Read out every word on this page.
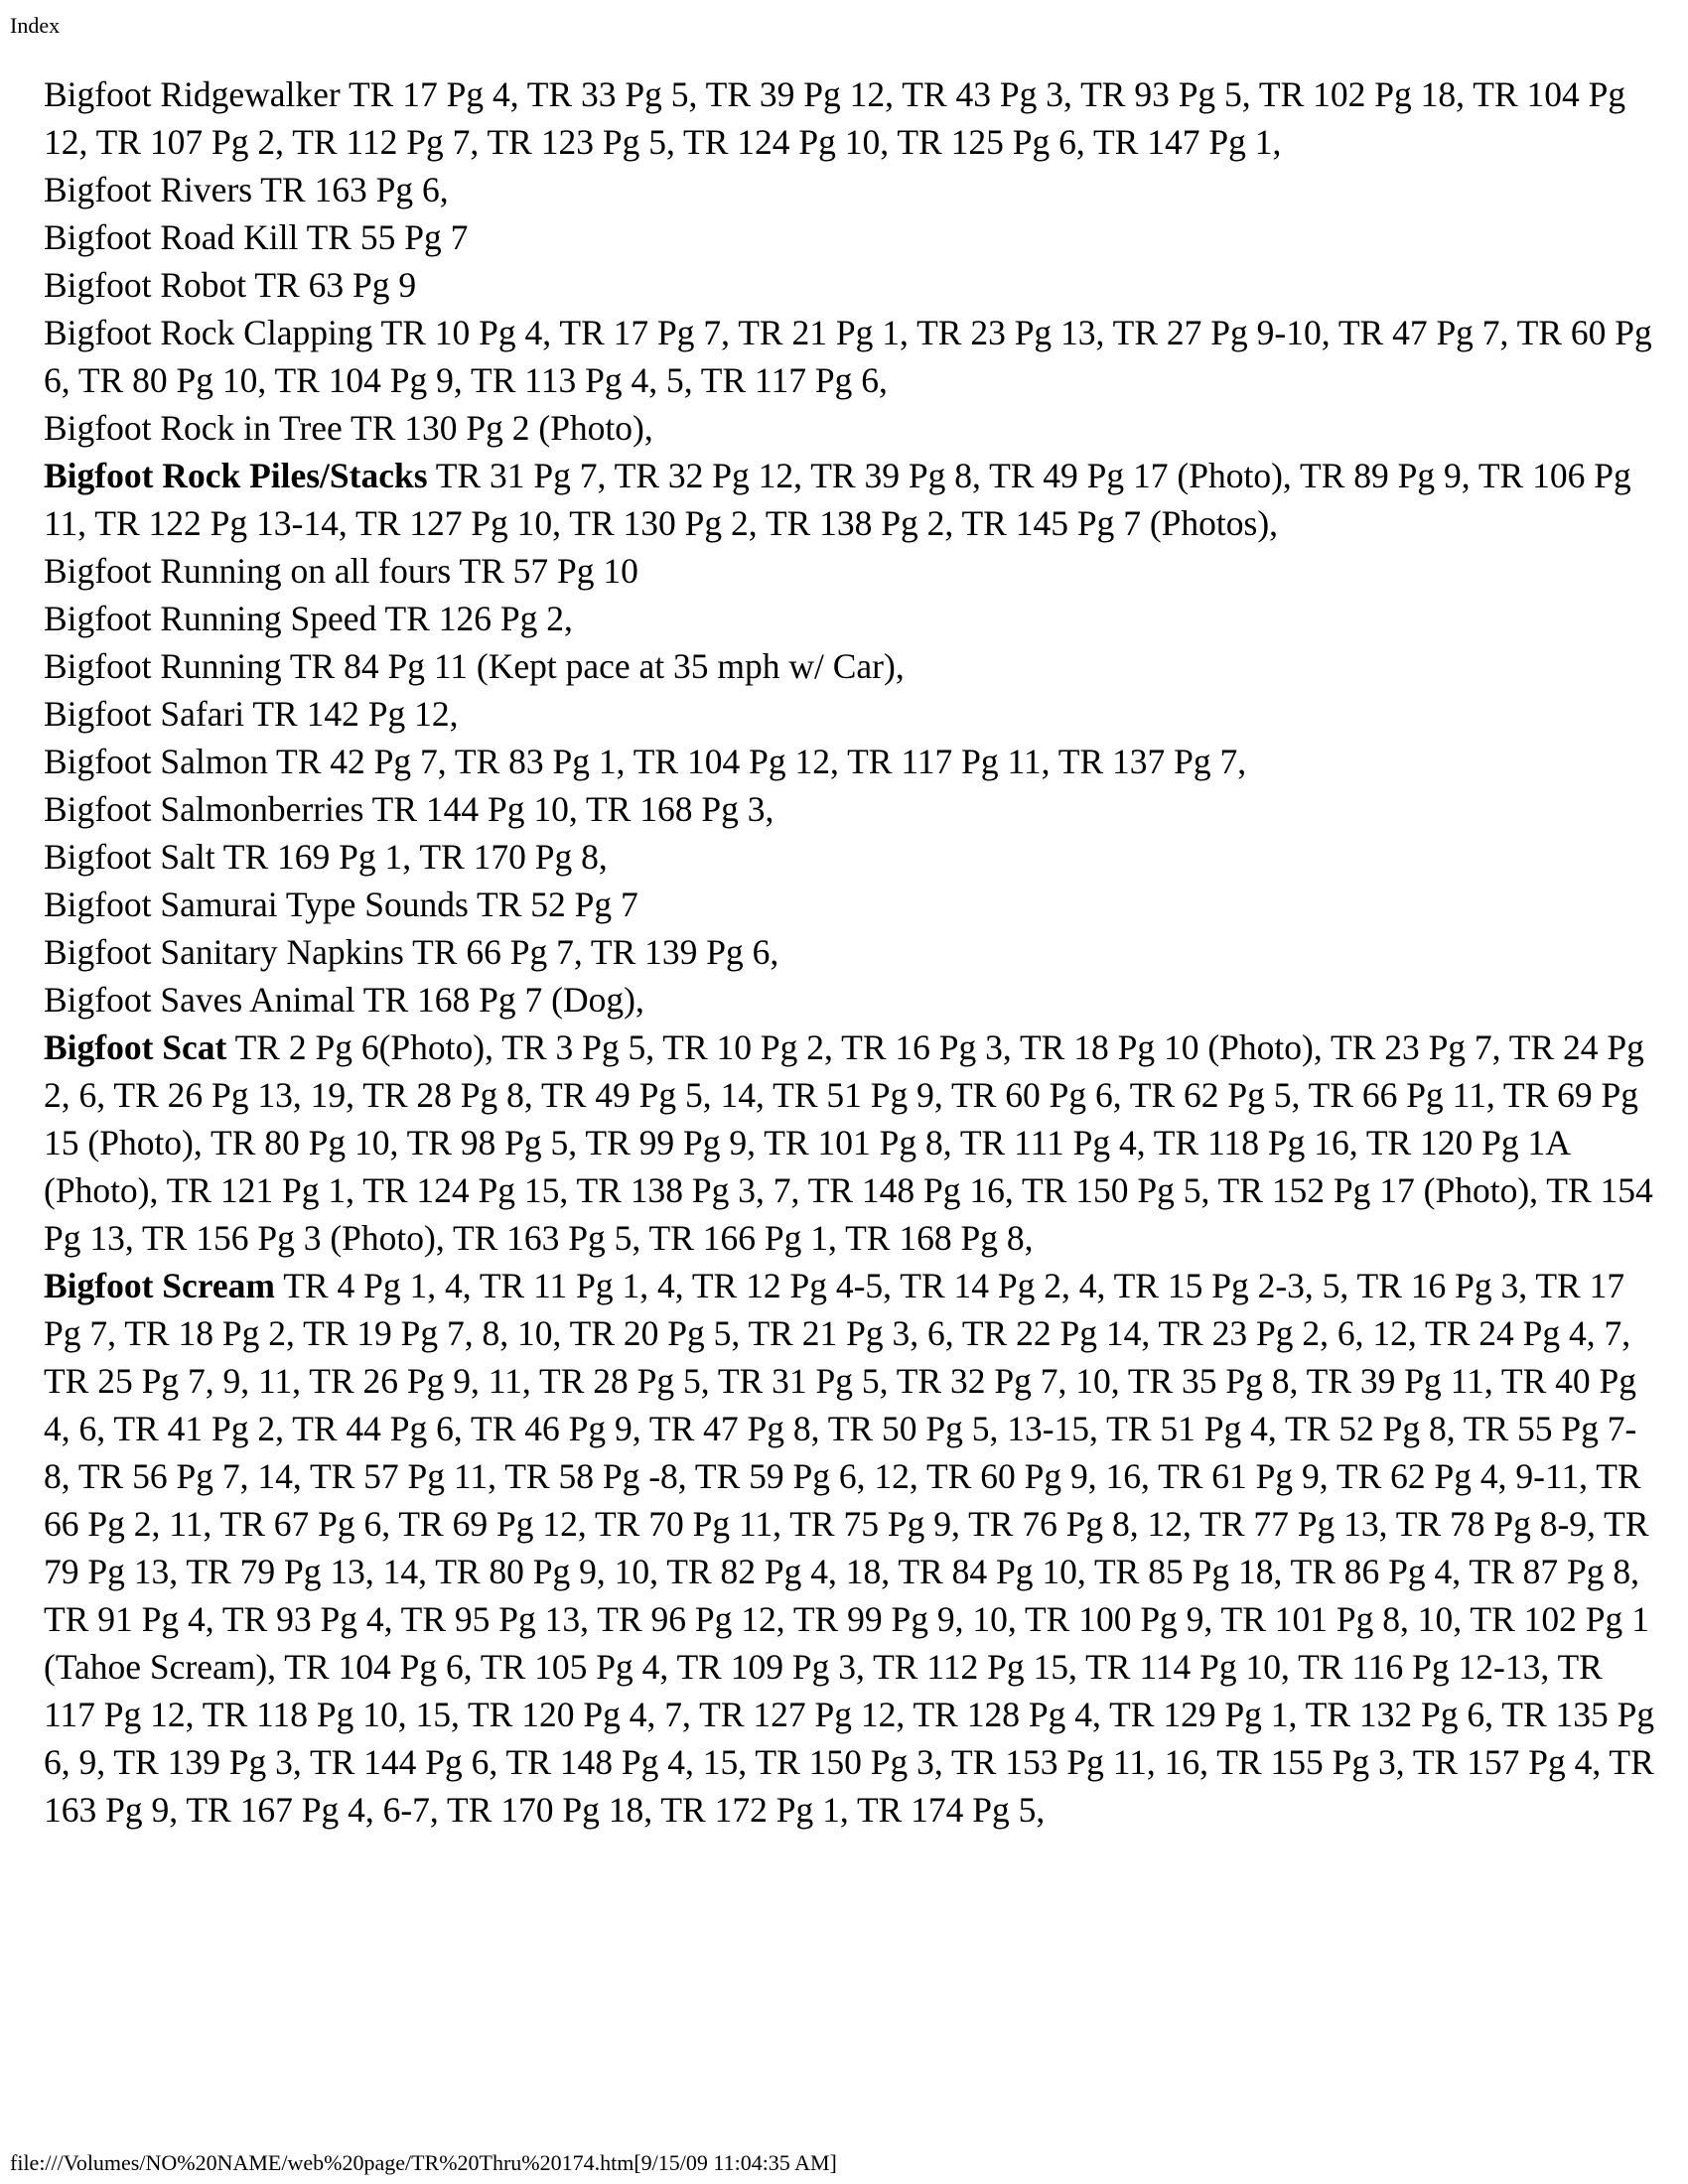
Index

Bigfoot Ridgewalker TR 17 Pg 4, TR 33 Pg 5, TR 39 Pg 12, TR 43 Pg 3, TR 93 Pg 5, TR 102 Pg 18, TR 104 Pg 12, TR 107 Pg 2, TR 112 Pg 7, TR 123 Pg 5, TR 124 Pg 10, TR 125 Pg 6, TR 147 Pg 1,

Bigfoot Rivers TR 163 Pg 6,

Bigfoot Road Kill TR 55 Pg 7

Bigfoot Robot TR 63 Pg 9

Bigfoot Rock Clapping TR 10 Pg 4, TR 17 Pg 7, TR 21 Pg 1, TR 23 Pg 13, TR 27 Pg 9-10, TR 47 Pg 7, TR 60 Pg 6, TR 80 Pg 10, TR 104 Pg 9, TR 113 Pg 4, 5, TR 117 Pg 6,

Bigfoot Rock in Tree TR 130 Pg 2 (Photo),

Bigfoot Rock Piles/Stacks TR 31 Pg 7, TR 32 Pg 12, TR 39 Pg 8, TR 49 Pg 17 (Photo), TR 89 Pg 9, TR 106 Pg 11, TR 122 Pg 13-14, TR 127 Pg 10, TR 130 Pg 2, TR 138 Pg 2, TR 145 Pg 7 (Photos),

Bigfoot Running on all fours TR 57 Pg 10

Bigfoot Running Speed TR 126 Pg 2,

Bigfoot Running TR 84 Pg 11 (Kept pace at 35 mph w/ Car),

Bigfoot Safari TR 142 Pg 12,

Bigfoot Salmon TR 42 Pg 7, TR 83 Pg 1, TR 104 Pg 12, TR 117 Pg 11, TR 137 Pg 7,

Bigfoot Salmonberries TR 144 Pg 10, TR 168 Pg 3,

Bigfoot Salt TR 169 Pg 1, TR 170 Pg 8,

Bigfoot Samurai Type Sounds TR 52 Pg 7

Bigfoot Sanitary Napkins TR 66 Pg 7, TR 139 Pg 6,

Bigfoot Saves Animal TR 168 Pg 7 (Dog),

Bigfoot Scat TR 2 Pg 6(Photo), TR 3 Pg 5, TR 10 Pg 2, TR 16 Pg 3, TR 18 Pg 10 (Photo), TR 23 Pg 7, TR 24 Pg 2, 6, TR 26 Pg 13, 19, TR 28 Pg 8, TR 49 Pg 5, 14, TR 51 Pg 9, TR 60 Pg 6, TR 62 Pg 5, TR 66 Pg 11, TR 69 Pg 15 (Photo), TR 80 Pg 10, TR 98 Pg 5, TR 99 Pg 9, TR 101 Pg 8, TR 111 Pg 4, TR 118 Pg 16, TR 120 Pg 1A (Photo), TR 121 Pg 1, TR 124 Pg 15, TR 138 Pg 3, 7, TR 148 Pg 16, TR 150 Pg 5, TR 152 Pg 17 (Photo), TR 154 Pg 13, TR 156 Pg 3 (Photo), TR 163 Pg 5, TR 166 Pg 1, TR 168 Pg 8,

Bigfoot Scream TR 4 Pg 1, 4, TR 11 Pg 1, 4, TR 12 Pg 4-5, TR 14 Pg 2, 4, TR 15 Pg 2-3, 5, TR 16 Pg 3, TR 17 Pg 7, TR 18 Pg 2, TR 19 Pg 7, 8, 10, TR 20 Pg 5, TR 21 Pg 3, 6, TR 22 Pg 14, TR 23 Pg 2, 6, 12, TR 24 Pg 4, 7, TR 25 Pg 7, 9, 11, TR 26 Pg 9, 11, TR 28 Pg 5, TR 31 Pg 5, TR 32 Pg 7, 10, TR 35 Pg 8, TR 39 Pg 11, TR 40 Pg 4, 6, TR 41 Pg 2, TR 44 Pg 6, TR 46 Pg 9, TR 47 Pg 8, TR 50 Pg 5, 13-15, TR 51 Pg 4, TR 52 Pg 8, TR 55 Pg 7-8, TR 56 Pg 7, 14, TR 57 Pg 11, TR 58 Pg -8, TR 59 Pg 6, 12, TR 60 Pg 9, 16, TR 61 Pg 9, TR 62 Pg 4, 9-11, TR 66 Pg 2, 11, TR 67 Pg 6, TR 69 Pg 12, TR 70 Pg 11, TR 75 Pg 9, TR 76 Pg 8, 12, TR 77 Pg 13, TR 78 Pg 8-9, TR 79 Pg 13, TR 79 Pg 13, 14, TR 80 Pg 9, 10, TR 82 Pg 4, 18, TR 84 Pg 10, TR 85 Pg 18, TR 86 Pg 4, TR 87 Pg 8, TR 91 Pg 4, TR 93 Pg 4, TR 95 Pg 13, TR 96 Pg 12, TR 99 Pg 9, 10, TR 100 Pg 9, TR 101 Pg 8, 10, TR 102 Pg 1 (Tahoe Scream), TR 104 Pg 6, TR 105 Pg 4, TR 109 Pg 3, TR 112 Pg 15, TR 114 Pg 10, TR 116 Pg 12-13, TR 117 Pg 12, TR 118 Pg 10, 15, TR 120 Pg 4, 7, TR 127 Pg 12, TR 128 Pg 4, TR 129 Pg 1, TR 132 Pg 6, TR 135 Pg 6, 9, TR 139 Pg 3, TR 144 Pg 6, TR 148 Pg 4, 15, TR 150 Pg 3, TR 153 Pg 11, 16, TR 155 Pg 3, TR 157 Pg 4, TR 163 Pg 9, TR 167 Pg 4, 6-7, TR 170 Pg 18, TR 172 Pg 1, TR 174 Pg 5,

file:///Volumes/NO%20NAME/web%20page/TR%20Thru%20174.htm[9/15/09 11:04:35 AM]
